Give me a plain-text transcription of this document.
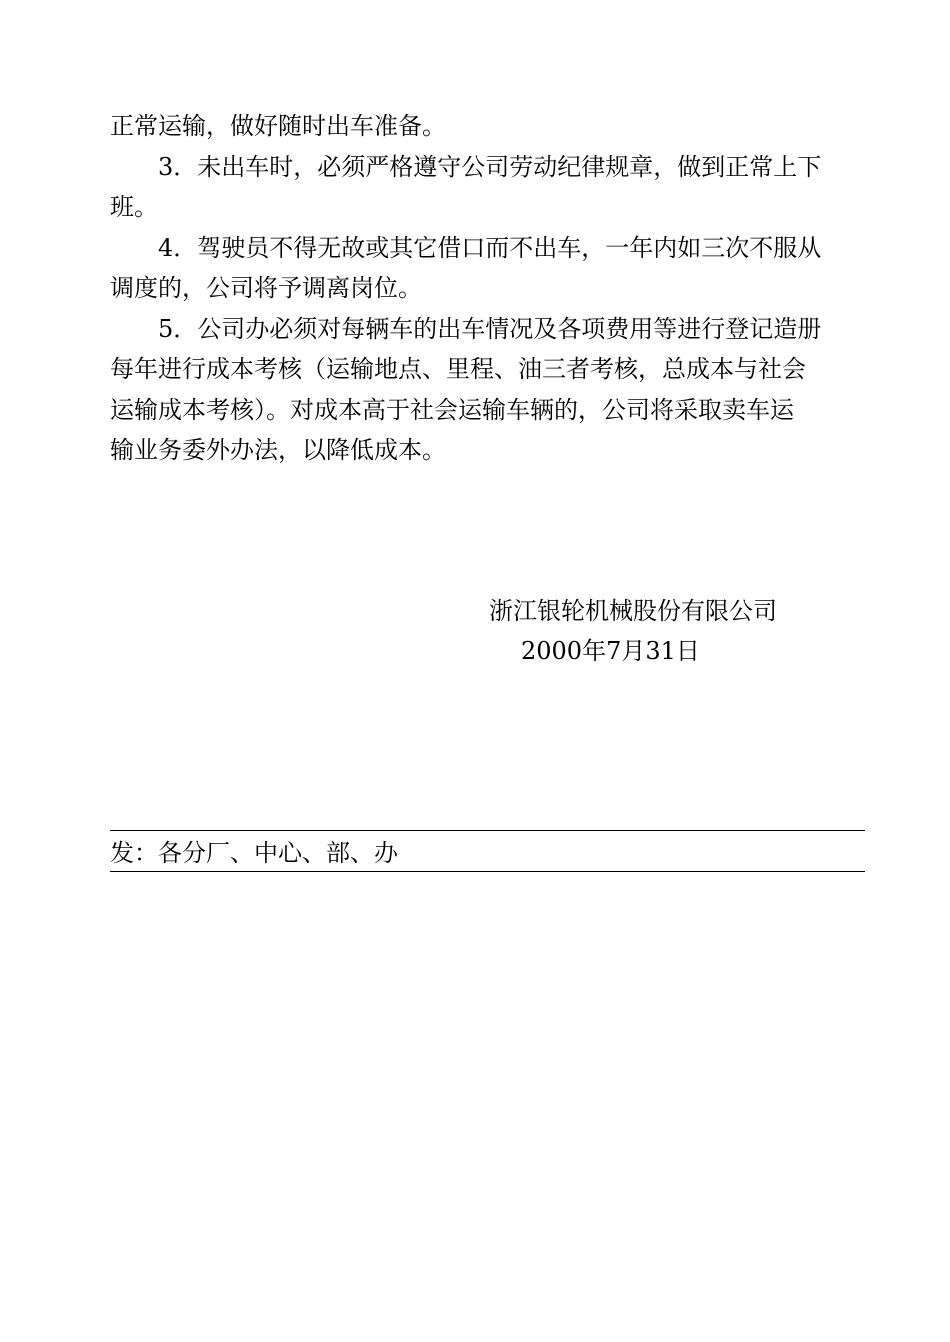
正常运输，做好随时出车准备。
3．未出车时，必须严格遵守公司劳动纪律规章，做到正常上下
班。
4．驾驶员不得无故或其它借口而不出车，一年内如三次不服从
调度的，公司将予调离岗位。
5．公司办必须对每辆车的出车情况及各项费用等进行登记造册
每年进行成本考核（运输地点、里程、油三者考核，总成本与社会
运输成本考核）。对成本高于社会运输车辆的，公司将采取卖车运
输业务委外办法，以降低成本。
浙江银轮机械股份有限公司
2000年7月31日
发：各分厂、中心、部、办
